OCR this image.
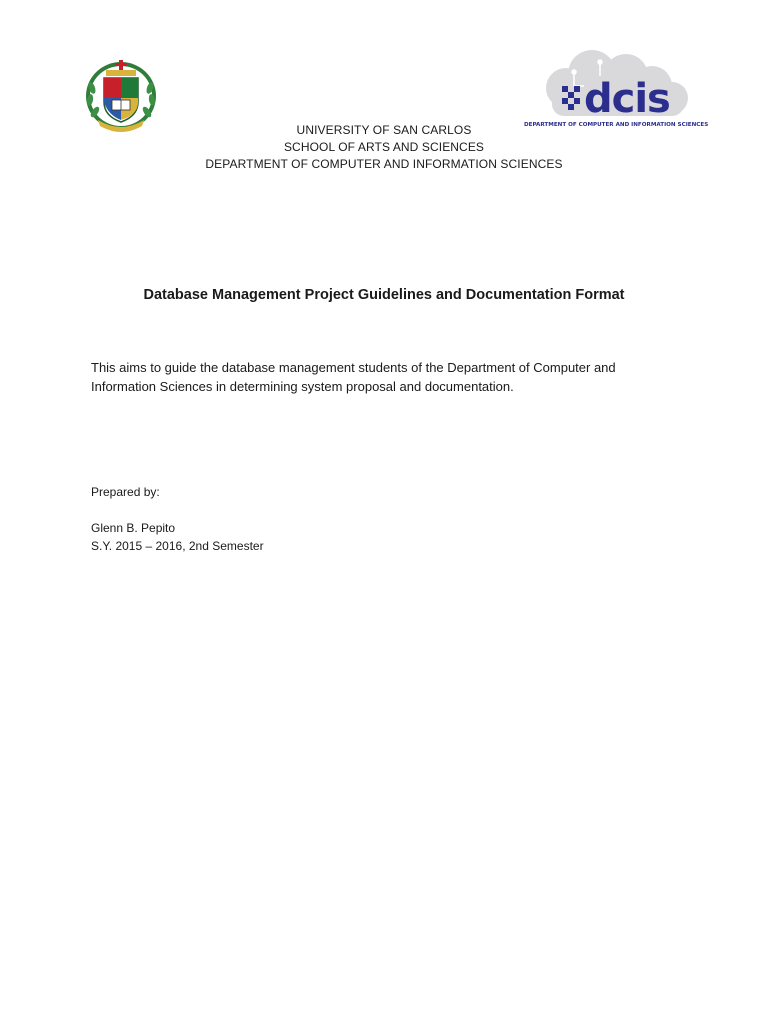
dcis
DEPARTMENT OF COMPUTER AND INFORMATION SCIENCES
UNIVERSITY OF SAN CARLOS
SCHOOL OF ARTS AND SCIENCES
DEPARTMENT OF COMPUTER AND INFORMATION SCIENCES
Database Management Project Guidelines and Documentation Format
This aims to guide the database management students of the Department of Computer and
Information Sciences in determining system proposal and documentation.
Prepared by:
Glenn B. Pepito
S.Y. 2015 – 2016, 2nd Semester
